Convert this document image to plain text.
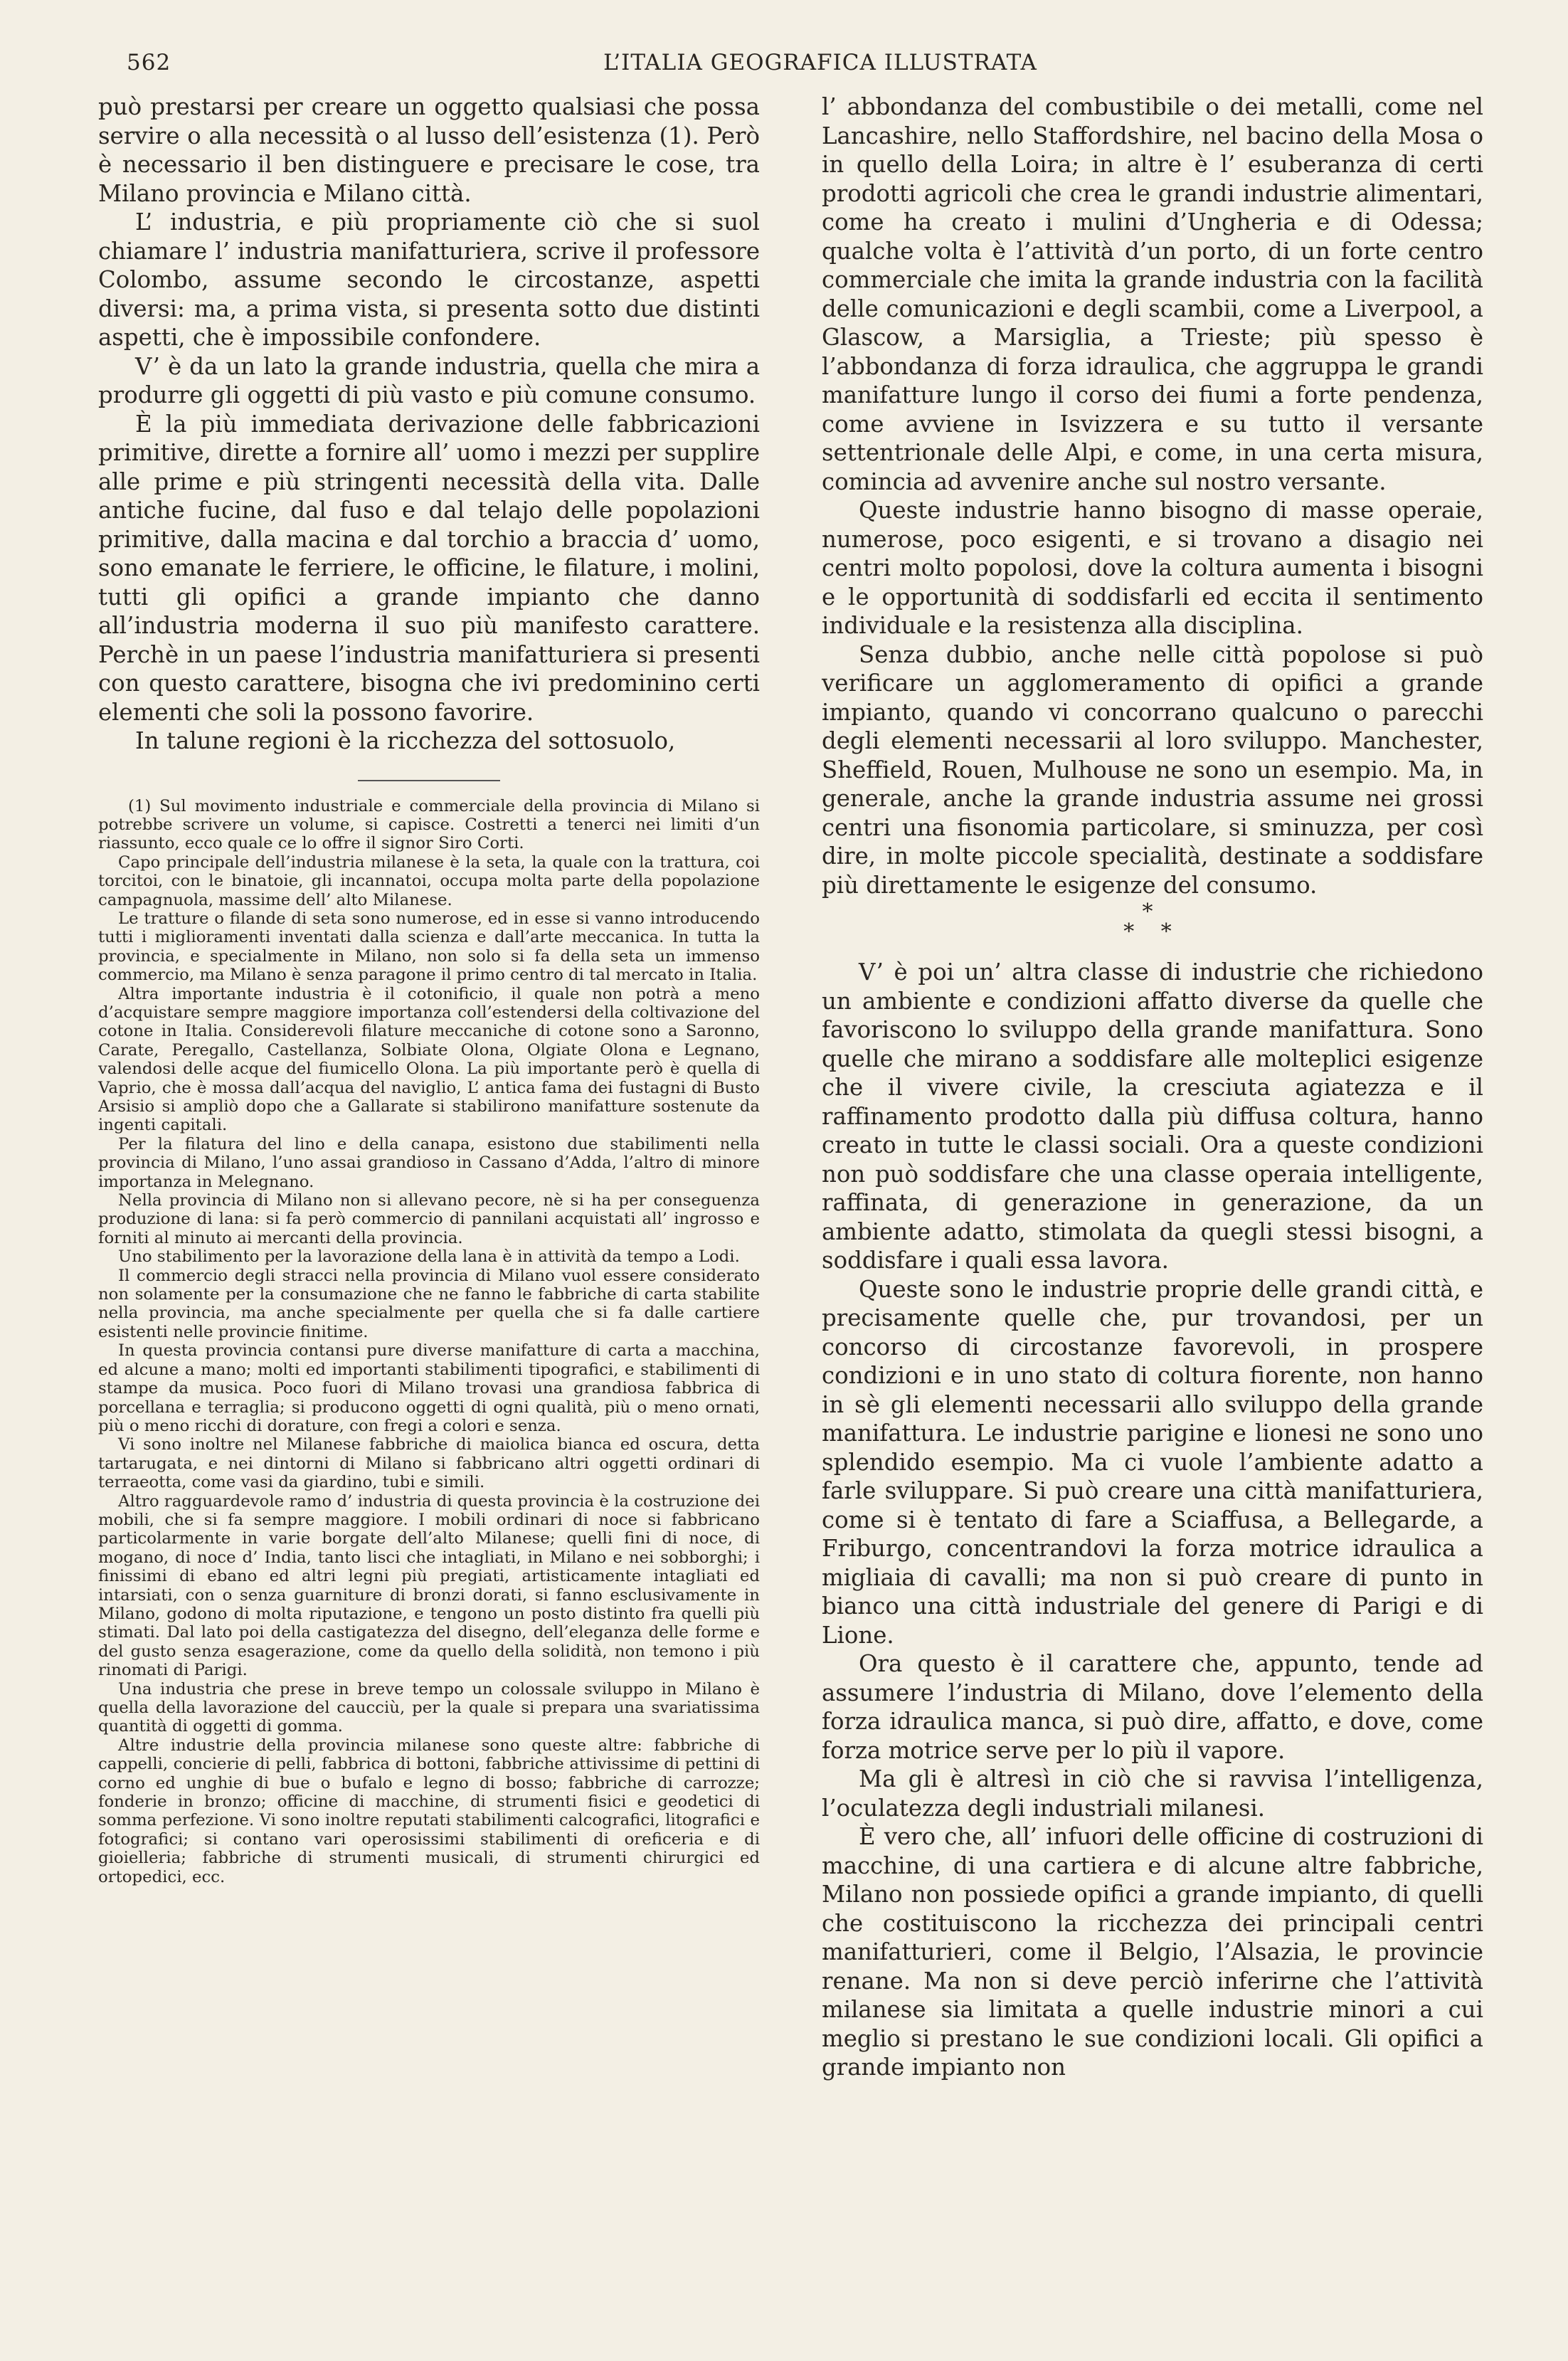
562	L’ITALIA GEOGRAFICA ILLUSTRATA

può prestarsi per creare un oggetto qualsiasi che possa servire o alla necessità o al lusso dell’esistenza (1). Però è necessario il ben distinguere e precisare le cose, tra Milano provincia e Milano città.

L’ industria, e più propriamente ciò che si suol chiamare l’ industria manifatturiera, scrive il professore Colombo, assume secondo le circostanze, aspetti diversi: ma, a prima vista, si presenta sotto due distinti aspetti, che è impossibile confondere.

V’ è da un lato la grande industria, quella che mira a produrre gli oggetti di più vasto e più comune consumo.

È la più immediata derivazione delle fabbricazioni primitive, dirette a fornire all’ uomo i mezzi per supplire alle prime e più stringenti necessità della vita. Dalle antiche fucine, dal fuso e dal telajo delle popolazioni primitive, dalla macina e dal torchio a braccia d’ uomo, sono emanate le ferriere, le officine, le filature, i molini, tutti gli opifici a grande impianto che danno all’industria moderna il suo più manifesto carattere. Perchè in un paese l’industria manifatturiera si presenti con questo carattere, bisogna che ivi predominino certi elementi che soli la possono favorire.

In talune regioni è la ricchezza del sottosuolo,

(1) Sul movimento industriale e commerciale della provincia di Milano si potrebbe scrivere un volume, si capisce. Costretti a tenerci nei limiti d’un riassunto, ecco quale ce lo offre il signor Siro Corti.

Capo principale dell’industria milanese è la seta, la quale con la trattura, coi torcitoi, con le binatoie, gli incannatoi, occupa molta parte della popolazione campagnuola, massime dell’ alto Milanese.

Le tratture o filande di seta sono numerose, ed in esse si vanno introducendo tutti i miglioramenti inventati dalla scienza e dall’arte meccanica. In tutta la provincia, e specialmente in Milano, non solo si fa della seta un immenso commercio, ma Milano è senza paragone il primo centro di tal mercato in Italia.

Altra importante industria è il cotonificio, il quale non potrà a meno d’acquistare sempre maggiore importanza coll’estendersi della coltivazione del cotone in Italia. Considerevoli filature meccaniche di cotone sono a Saronno, Carate, Peregallo, Castellanza, Solbiate Olona, Olgiate Olona e Legnano, valendosi delle acque del fiumicello Olona. La più importante però è quella di Vaprio, che è mossa dall’acqua del naviglio, L’ antica fama dei fustagni di Busto Arsisio si ampliò dopo che a Gallarate si stabilirono manifatture sostenute da ingenti capitali.

Per la filatura del lino e della canapa, esistono due stabilimenti nella provincia di Milano, l’uno assai grandioso in Cassano d’Adda, l’altro di minore importanza in Melegnano.

Nella provincia di Milano non si allevano pecore, nè si ha per conseguenza produzione di lana: si fa però commercio di pannilani acquistati all’ ingrosso e forniti al minuto ai mercanti della provincia.

Uno stabilimento per la lavorazione della lana è in attività da tempo a Lodi.

Il commercio degli stracci nella provincia di Milano vuol essere considerato non solamente per la consumazione che ne fanno le fabbriche di carta stabilite nella provincia, ma anche specialmente per quella che si fa dalle cartiere esistenti nelle provincie finitime.

In questa provincia contansi pure diverse manifatture di carta a macchina, ed alcune a mano; molti ed importanti stabilimenti tipografici, e stabilimenti di stampe da musica. Poco fuori di Milano trovasi una grandiosa fabbrica di porcellana e terraglia; si producono oggetti di ogni qualità, più o meno ornati, più o meno ricchi di dorature, con fregi a colori e senza.

Vi sono inoltre nel Milanese fabbriche di maiolica bianca ed oscura, detta tartarugata, e nei dintorni di Milano si fabbricano altri oggetti ordinari di terraeotta, come vasi da giardino, tubi e simili.

Altro ragguardevole ramo d’ industria di questa provincia è la costruzione dei mobili, che si fa sempre maggiore. I mobili ordinari di noce si fabbricano particolarmente in varie borgate dell’alto Milanese; quelli fini di noce, di mogano, di noce d’ India, tanto lisci che intagliati, in Milano e nei sobborghi; i finissimi di ebano ed altri legni più pregiati, artisticamente intagliati ed intarsiati, con o senza guarniture di bronzi dorati, si fanno esclusivamente in Milano, godono di molta riputazione, e tengono un posto distinto fra quelli più stimati. Dal lato poi della castigatezza del disegno, dell’eleganza delle forme e del gusto senza esagerazione, come da quello della solidità, non temono i più rinomati di Parigi.

Una industria che prese in breve tempo un colossale sviluppo in Milano è quella della lavorazione del caucciù, per la quale si prepara una svariatissima quantità di oggetti di gomma.

Altre industrie della provincia milanese sono queste altre: fabbriche di cappelli, concierie di pelli, fabbrica di bottoni, fabbriche attivissime di pettini di corno ed unghie di bue o bufalo e legno di bosso; fabbriche di carrozze; fonderie in bronzo; officine di macchine, di strumenti fisici e geodetici di somma perfezione. Vi sono inoltre reputati stabilimenti calcografici, litografici e fotografici; si contano vari operosissimi stabilimenti di oreficeria e di gioielleria; fabbriche di strumenti musicali, di strumenti chirurgici ed ortopedici, ecc.

l’ abbondanza del combustibile o dei metalli, come nel Lancashire, nello Staffordshire, nel bacino della Mosa o in quello della Loira; in altre è l’ esuberanza di certi prodotti agricoli che crea le grandi industrie alimentari, come ha creato i mulini d’Ungheria e di Odessa; qualche volta è l’attività d’un porto, di un forte centro commerciale che imita la grande industria con la facilità delle comunicazioni e degli scambii, come a Liverpool, a Glascow, a Marsiglia, a Trieste; più spesso è l’abbondanza di forza idraulica, che aggruppa le grandi manifatture lungo il corso dei fiumi a forte pendenza, come avviene in Isvizzera e su tutto il versante settentrionale delle Alpi, e come, in una certa misura, comincia ad avvenire anche sul nostro versante.

Queste industrie hanno bisogno di masse operaie, numerose, poco esigenti, e si trovano a disagio nei centri molto popolosi, dove la coltura aumenta i bisogni e le opportunità di soddisfarli ed eccita il sentimento individuale e la resistenza alla disciplina.

Senza dubbio, anche nelle città popolose si può verificare un agglomeramento di opifici a grande impianto, quando vi concorrano qualcuno o parecchi degli elementi necessarii al loro sviluppo. Manchester, Sheffield, Rouen, Mulhouse ne sono un esempio. Ma, in generale, anche la grande industria assume nei grossi centri una fisonomia particolare, si sminuzza, per così dire, in molte piccole specialità, destinate a soddisfare più direttamente le esigenze del consumo.

*
* *

V’ è poi un’ altra classe di industrie che richiedono un ambiente e condizioni affatto diverse da quelle che favoriscono lo sviluppo della grande manifattura. Sono quelle che mirano a soddisfare alle molteplici esigenze che il vivere civile, la cresciuta agiatezza e il raffinamento prodotto dalla più diffusa coltura, hanno creato in tutte le classi sociali. Ora a queste condizioni non può soddisfare che una classe operaia intelligente, raffinata, di generazione in generazione, da un ambiente adatto, stimolata da quegli stessi bisogni, a soddisfare i quali essa lavora.

Queste sono le industrie proprie delle grandi città, e precisamente quelle che, pur trovandosi, per un concorso di circostanze favorevoli, in prospere condizioni e in uno stato di coltura fiorente, non hanno in sè gli elementi necessarii allo sviluppo della grande manifattura. Le industrie parigine e lionesi ne sono uno splendido esempio. Ma ci vuole l’ambiente adatto a farle sviluppare. Si può creare una città manifatturiera, come si è tentato di fare a Sciaffusa, a Bellegarde, a Friburgo, concentrandovi la forza motrice idraulica a migliaia di cavalli; ma non si può creare di punto in bianco una città industriale del genere di Parigi e di Lione.

Ora questo è il carattere che, appunto, tende ad assumere l’industria di Milano, dove l’elemento della forza idraulica manca, si può dire, affatto, e dove, come forza motrice serve per lo più il vapore.

Ma gli è altresì in ciò che si ravvisa l’intelligenza, l’oculatezza degli industriali milanesi.

È vero che, all’ infuori delle officine di costruzioni di macchine, di una cartiera e di alcune altre fabbriche, Milano non possiede opifici a grande impianto, di quelli che costituiscono la ricchezza dei principali centri manifatturieri, come il Belgio, l’Alsazia, le provincie renane. Ma non si deve perciò inferirne che l’attività milanese sia limitata a quelle industrie minori a cui meglio si prestano le sue condizioni locali. Gli opifici a grande impianto non
